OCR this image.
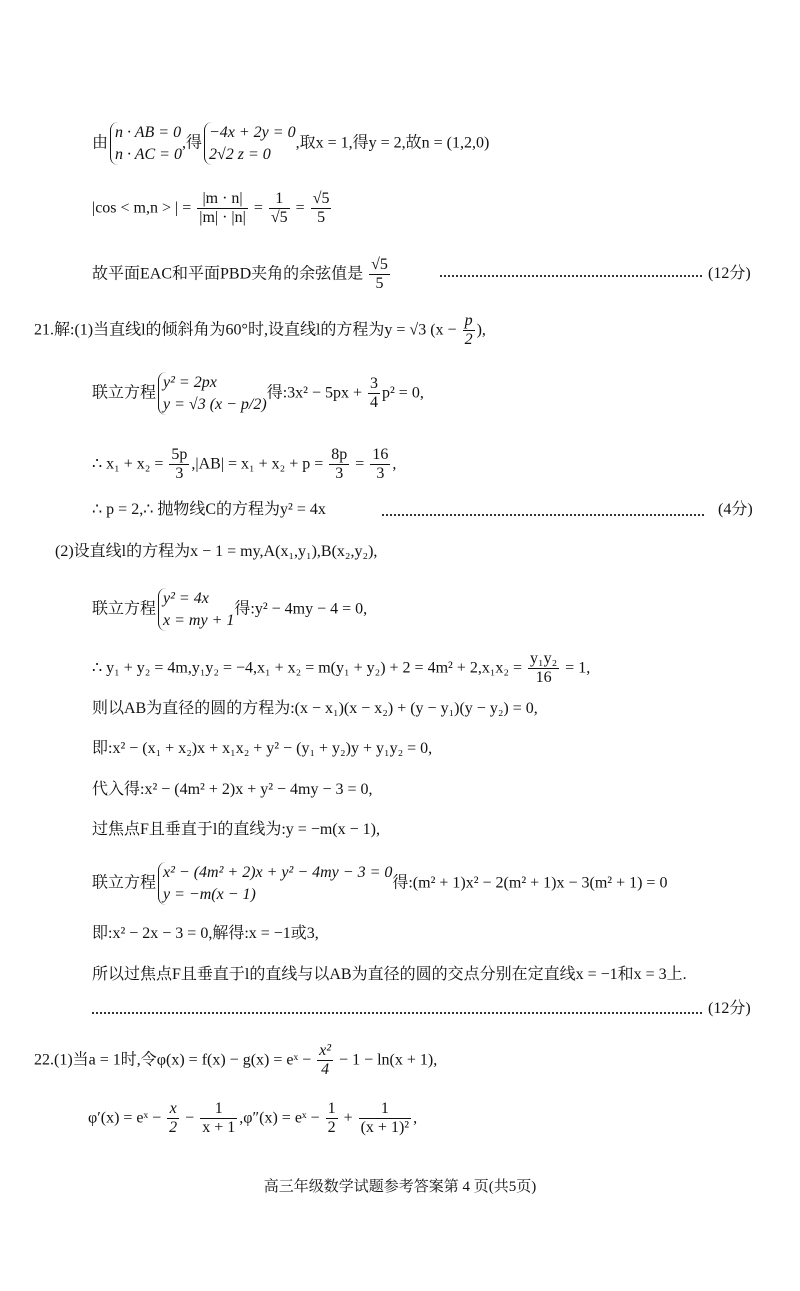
由
n · AB = 0
n · AC = 0
,得
−4x + 2y = 0
2√2 z = 0
,取x = 1,得y = 2,故n = (1,2,0)
|cos < m,n > | = $\frac{|m \cdot n|}{|m| \cdot |n|} = \frac{1}{√5} = \frac{√5}{5}$
故平面EAC和平面PBD夹角的余弦值是 $\frac{√5}{5}$	(12分)
21.解:(1)当直线l的倾斜角为60°时,设直线l的方程为y = √3 ($x - \frac{p}{2}$ ),
联立方程
y² = 2px
y = √3 (x − p/2)
得:3x² − $5px + \frac{3}{4} p^2 = 0$,
∴ $x_1 + x_2 = \frac{5p}{3} ,|AB| = x_1 + x_2 + p = \frac{8p}{3} = \frac{16}{3}$ ,
∴ p = 2,∴ 抛物线C的方程为y² = 4x	(4分)
(2)设直线l的方程为x − 1 = my,A(x₁,y₁),B(x₂,y₂),
联立方程
y² = 4x
x = my + 1
得:y² − 4my − 4 = 0,
∴ $y_1 + y_2 = 4m,y_1y_2 = -4,x_1 + x_2 = m(y_1 + y_2) + 2 = 4m^2 + 2,x_1x_2 = \frac{\text{y₁y₂}}{16} = 1$,
则以AB为直径的圆的方程为:(x − x₁)(x − x₂) + (y − y₁)(y − y₂) = 0,
即:x² − (x₁ + x₂)x + x₁x₂ + y² − (y₁ + y₂)y + y₁y₂ = 0,
代入得:x² − (4m² + 2)x + y² − 4my − 3 = 0,
过焦点F且垂直于l的直线为:y = −m(x − 1),
联立方程
x² − (4m² + 2)x + y² − 4my − 3 = 0
y = −m(x − 1)
得:(m² + 1)x² − 2(m² + 1)x − 3(m² + 1) = 0
即:x² − 2x − 3 = 0,解得:x = −1或3,
所以过焦点F且垂直于l的直线与以AB为直径的圆的交点分别在定直线x = −1和x = 3上.
(12分)
22.(1)当a = 1时,令φ(x) = f(x) − g(x) = eˣ − $\frac{\text{x²}}{4} - 1 - \ln(x + 1)$,
φ′(x) = eˣ − $\frac{x}{2} - \frac{1}{x + 1} ,\varphi''(x)$ = eˣ − $\frac{1}{2} + \frac{1}{\text{(x + 1)²}}$ ,
高三年级数学试题参考答案第 4 页(共5页)
